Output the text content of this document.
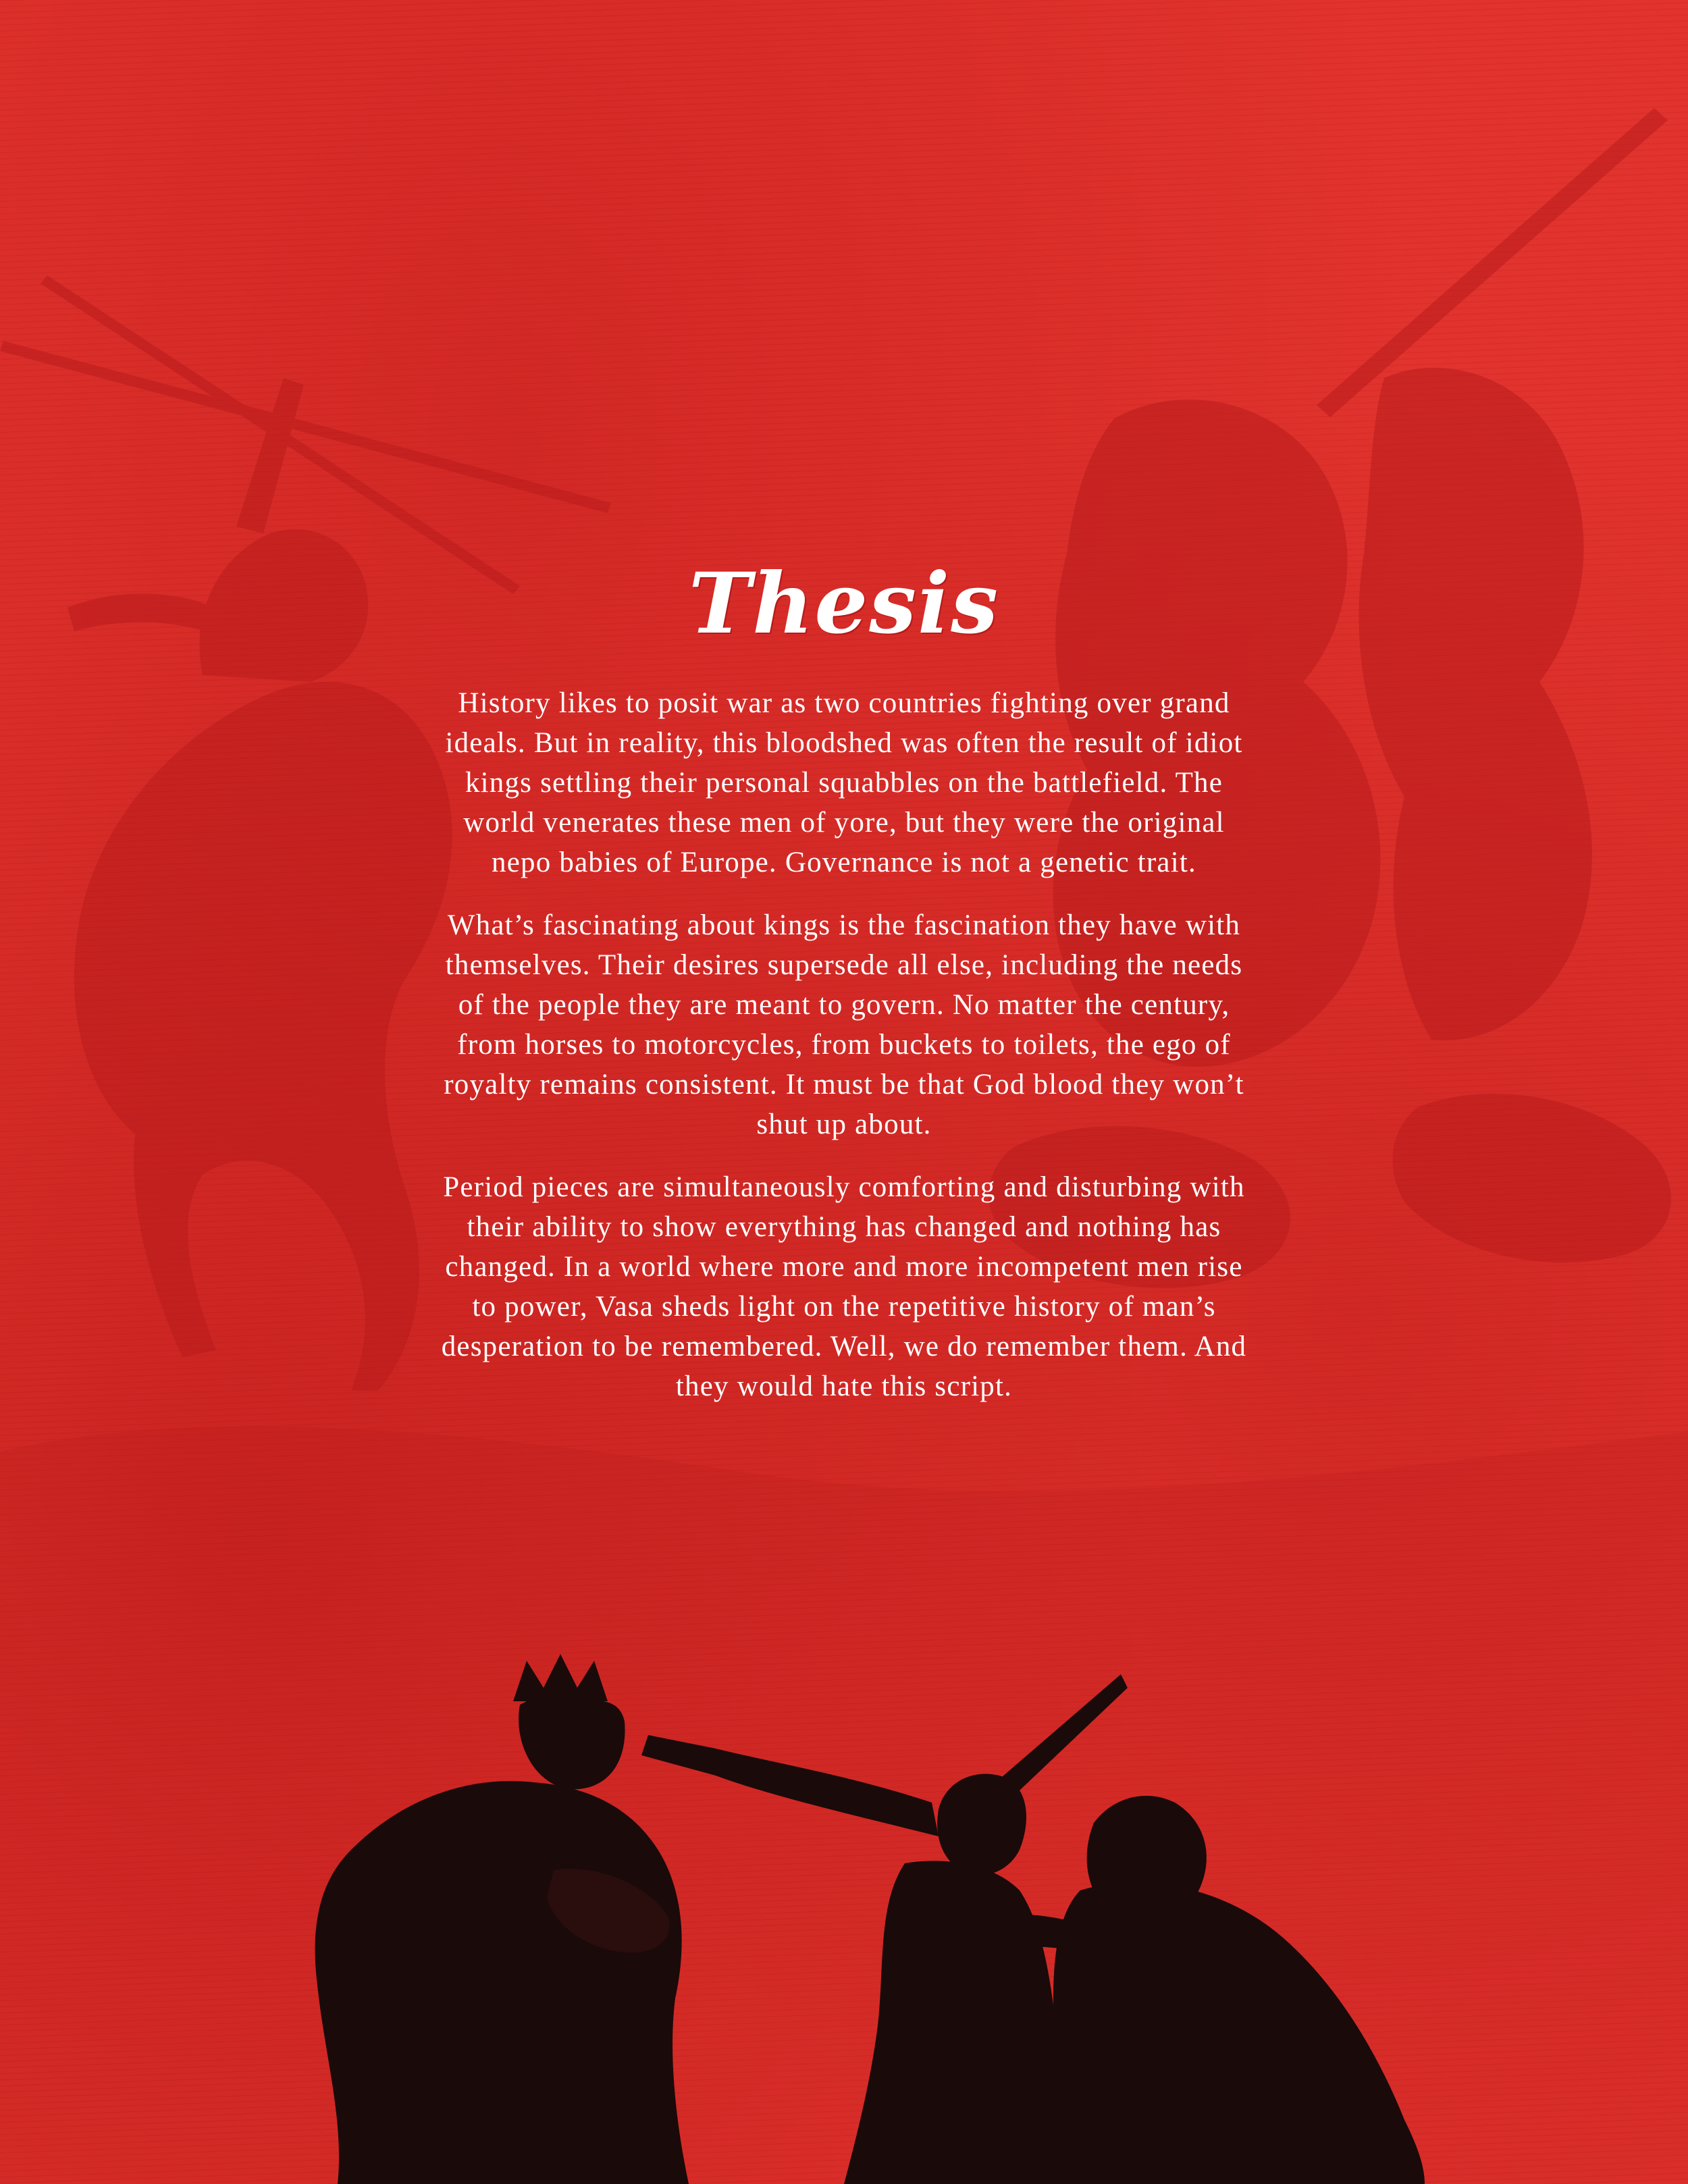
Thesis

History likes to posit war as two countries fighting over grand ideals. But in reality, this bloodshed was often the result of idiot kings settling their personal squabbles on the battlefield. The world venerates these men of yore, but they were the original nepo babies of Europe. Governance is not a genetic trait.

What’s fascinating about kings is the fascination they have with themselves. Their desires supersede all else, including the needs of the people they are meant to govern. No matter the century, from horses to motorcycles, from buckets to toilets, the ego of royalty remains consistent. It must be that God blood they won’t shut up about.

Period pieces are simultaneously comforting and disturbing with their ability to show everything has changed and nothing has changed. In a world where more and more incompetent men rise to power, Vasa sheds light on the repetitive history of man’s desperation to be remembered. Well, we do remember them. And they would hate this script.
